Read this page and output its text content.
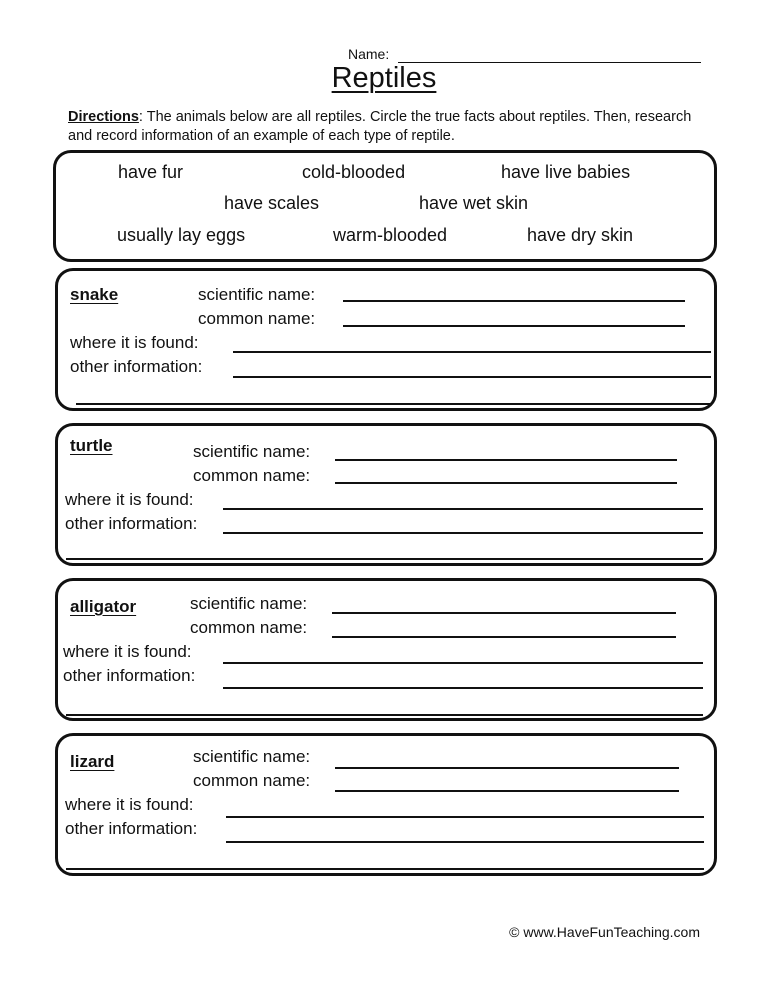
Name:
Reptiles
Directions: The animals below are all reptiles. Circle the true facts about reptiles. Then, research and record information of an example of each type of reptile.
have fur	cold-blooded	have live babies
have scales	have wet skin
usually lay eggs	warm-blooded	have dry skin
snake	scientific name:
common name:
where it is found:
other information:
turtle	scientific name:
common name:
where it is found:
other information:
alligator	scientific name:
common name:
where it is found:
other information:
lizard	scientific name:
common name:
where it is found:
other information:
© www.HaveFunTeaching.com
